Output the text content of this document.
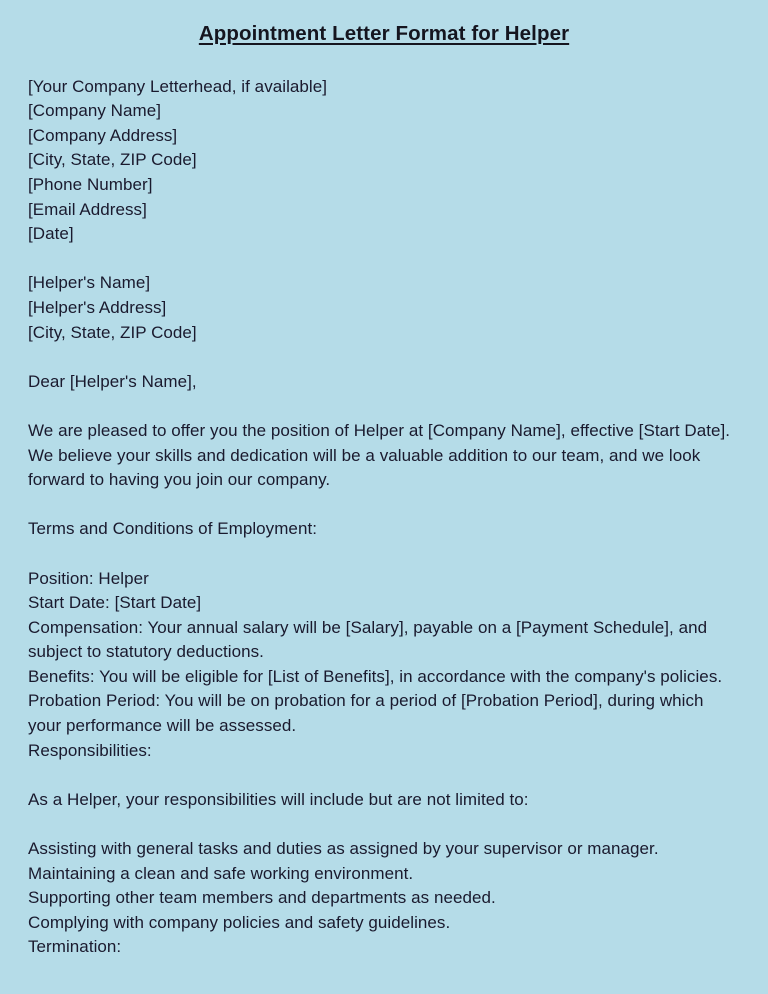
Appointment Letter Format for Helper
[Your Company Letterhead, if available]
[Company Name]
[Company Address]
[City, State, ZIP Code]
[Phone Number]
[Email Address]
[Date]
[Helper's Name]
[Helper's Address]
[City, State, ZIP Code]
Dear [Helper's Name],
We are pleased to offer you the position of Helper at [Company Name], effective [Start Date]. We believe your skills and dedication will be a valuable addition to our team, and we look forward to having you join our company.
Terms and Conditions of Employment:
Position: Helper
Start Date: [Start Date]
Compensation: Your annual salary will be [Salary], payable on a [Payment Schedule], and subject to statutory deductions.
Benefits: You will be eligible for [List of Benefits], in accordance with the company's policies.
Probation Period: You will be on probation for a period of [Probation Period], during which your performance will be assessed.
Responsibilities:
As a Helper, your responsibilities will include but are not limited to:
Assisting with general tasks and duties as assigned by your supervisor or manager.
Maintaining a clean and safe working environment.
Supporting other team members and departments as needed.
Complying with company policies and safety guidelines.
Termination:
